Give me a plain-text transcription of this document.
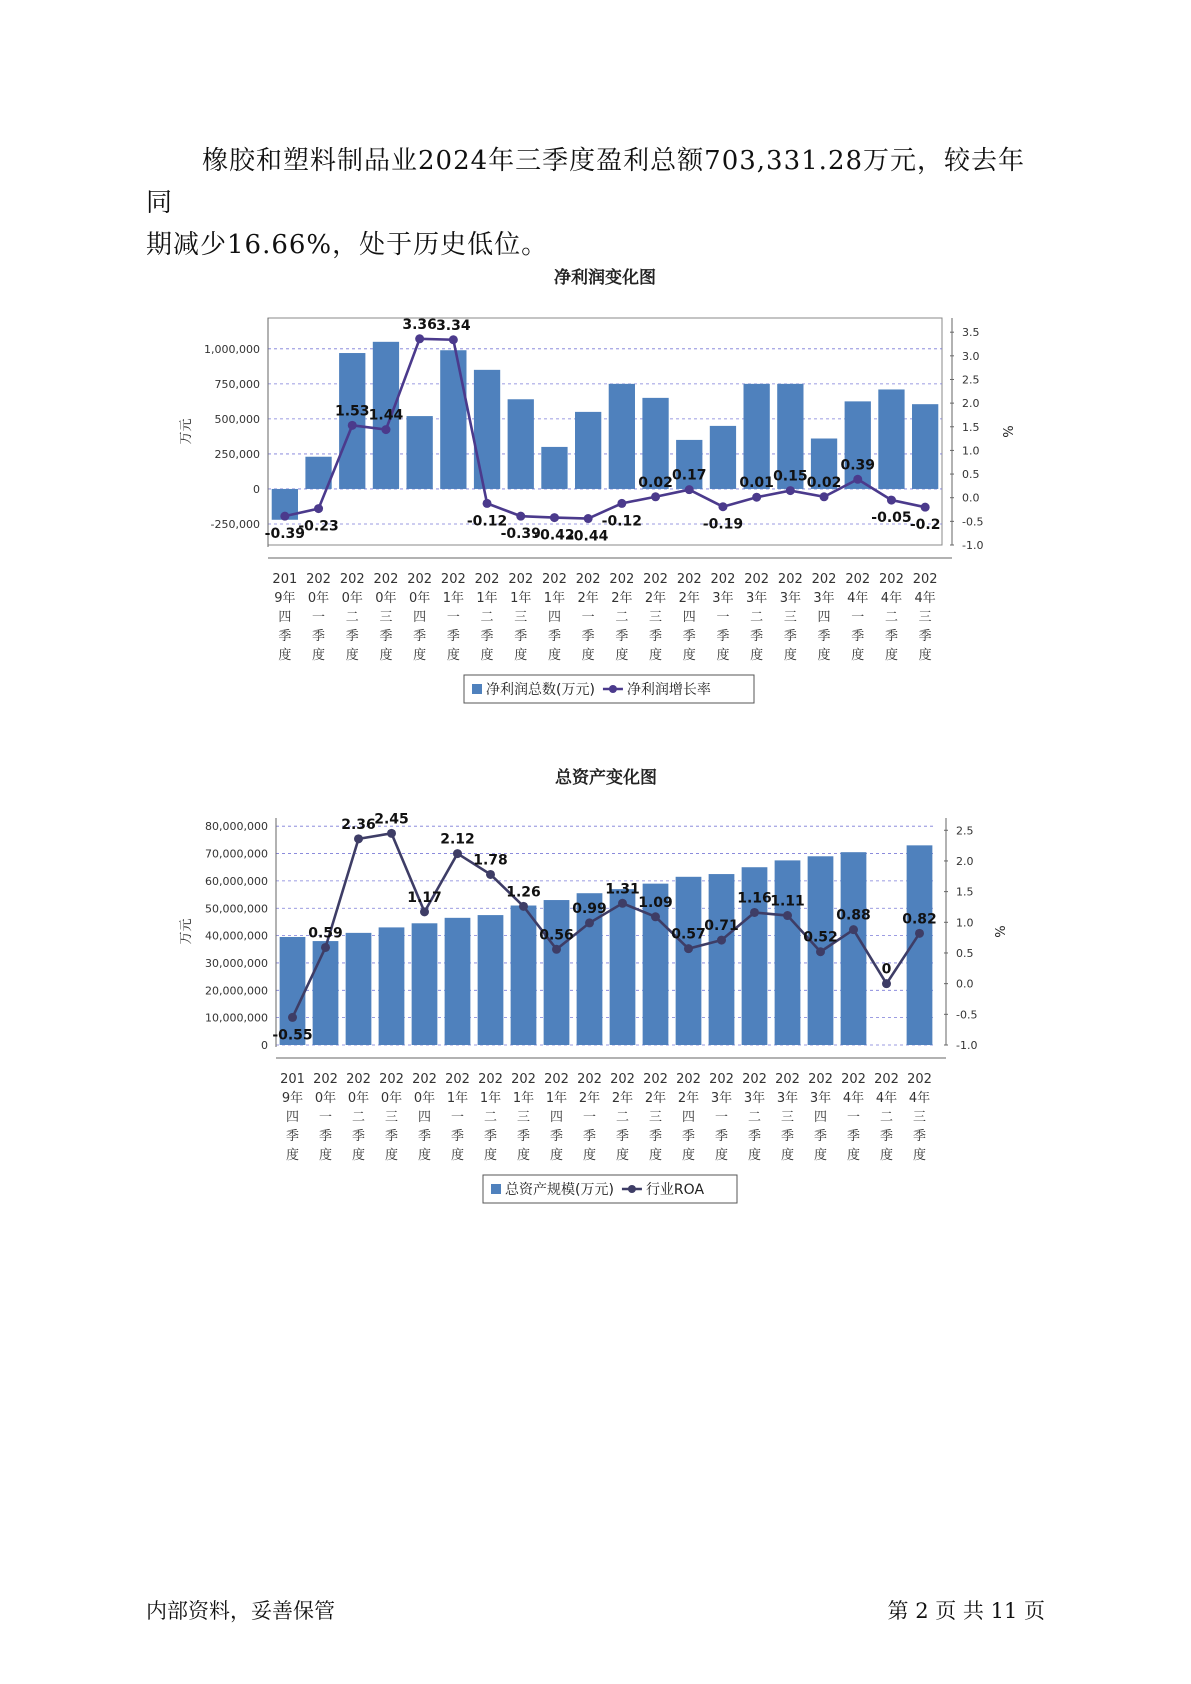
橡胶和塑料制品业2024年三季度盈利总额703,331.28万元，较去年同
期减少16.66%，处于历史低位。
净利润变化图
-250,000
0
250,000
500,000
750,000
1,000,000
-1.0
-0.5
0.0
0.5
1.0
1.5
2.0
2.5
3.0
3.5
万元	%
-0.39
-0.23
1.53 1.44
3.36 3.34
-0.12
-0.39
-0.42
-0.44
-0.12
0.02 0.17
-0.19
0.01 0.15 0.02
0.39
-0.05
-0.2
201
9年
四
季
度
202
0年
一
季
度
202
0年
二
季
度
202
0年
三
季
度
202
0年
四
季
度
202
1年
一
季
度
202
1年
二
季
度
202
1年
三
季
度
202
1年
四
季
度
202
2年
一
季
度
202
2年
二
季
度
202
2年
三
季
度
202
2年
四
季
度
202
3年
一
季
度
202
3年
二
季
度
202
3年
三
季
度
202
3年
四
季
度
202
4年
一
季
度
202
4年
二
季
度
202
4年
三
季
度
净利润总数(万元) 净利润增长率
总资产变化图
0
10,000,000
20,000,000
30,000,000
40,000,000
50,000,000
60,000,000
70,000,000
80,000,000
-1.0
-0.5
0.0
0.5
1.0
1.5
2.0
2.5
万元	%
-0.55
0.59
2.36
2.45
1.17
2.12
1.78
1.26
0.56
0.99
1.31
1.09
0.57
0.71
1.16
1.11
0.52
0.88
0
0.82
201
9年
四
季
度
202
0年
一
季
度
202
0年
二
季
度
202
0年
三
季
度
202
0年
四
季
度
202
1年
一
季
度
202
1年
二
季
度
202
1年
三
季
度
202
1年
四
季
度
202
2年
一
季
度
202
2年
二
季
度
202
2年
三
季
度
202
2年
四
季
度
202
3年
一
季
度
202
3年
二
季
度
202
3年
三
季
度
202
3年
四
季
度
202
4年
一
季
度
202
4年
二
季
度
202
4年
三
季
度
总资产规模(万元) 行业ROA
内部资料，妥善保管	第 2 页 共 11 页
